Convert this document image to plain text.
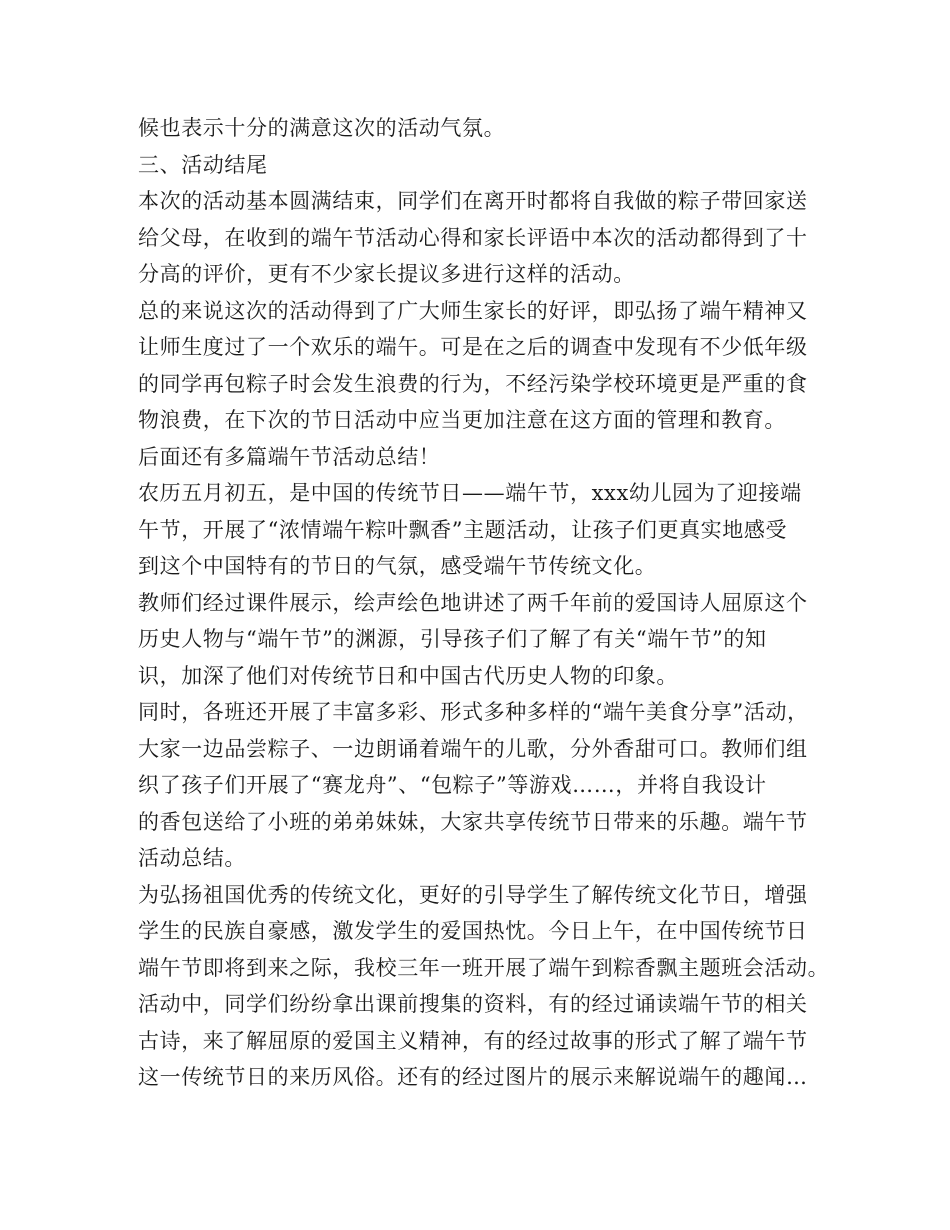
候也表示十分的满意这次的活动气氛。
三、活动结尾
本次的活动基本圆满结束，同学们在离开时都将自我做的粽子带回家送
给父母，在收到的端午节活动心得和家长评语中本次的活动都得到了十
分高的评价，更有不少家长提议多进行这样的活动。
总的来说这次的活动得到了广大师生家长的好评，即弘扬了端午精神又
让师生度过了一个欢乐的端午。可是在之后的调查中发现有不少低年级
的同学再包粽子时会发生浪费的行为，不经污染学校环境更是严重的食
物浪费，在下次的节日活动中应当更加注意在这方面的管理和教育。
后面还有多篇端午节活动总结！
农历五月初五，是中国的传统节日——端午节，xxx幼儿园为了迎接端
午节，开展了“浓情端午粽叶飘香”主题活动，让孩子们更真实地感受
到这个中国特有的节日的气氛，感受端午节传统文化。
教师们经过课件展示，绘声绘色地讲述了两千年前的爱国诗人屈原这个
历史人物与“端午节”的渊源，引导孩子们了解了有关“端午节”的知
识，加深了他们对传统节日和中国古代历史人物的印象。
同时，各班还开展了丰富多彩、形式多种多样的“端午美食分享”活动，
大家一边品尝粽子、一边朗诵着端午的儿歌，分外香甜可口。教师们组
织了孩子们开展了“赛龙舟”、“包粽子”等游戏……，并将自我设计
的香包送给了小班的弟弟妹妹，大家共享传统节日带来的乐趣。端午节
活动总结。
为弘扬祖国优秀的传统文化，更好的引导学生了解传统文化节日，增强
学生的民族自豪感，激发学生的爱国热忱。今日上午，在中国传统节日
端午节即将到来之际，我校三年一班开展了端午到粽香飘主题班会活动。
活动中，同学们纷纷拿出课前搜集的资料，有的经过诵读端午节的相关
古诗，来了解屈原的爱国主义精神，有的经过故事的形式了解了端午节
这一传统节日的来历风俗。还有的经过图片的展示来解说端午的趣闻…
